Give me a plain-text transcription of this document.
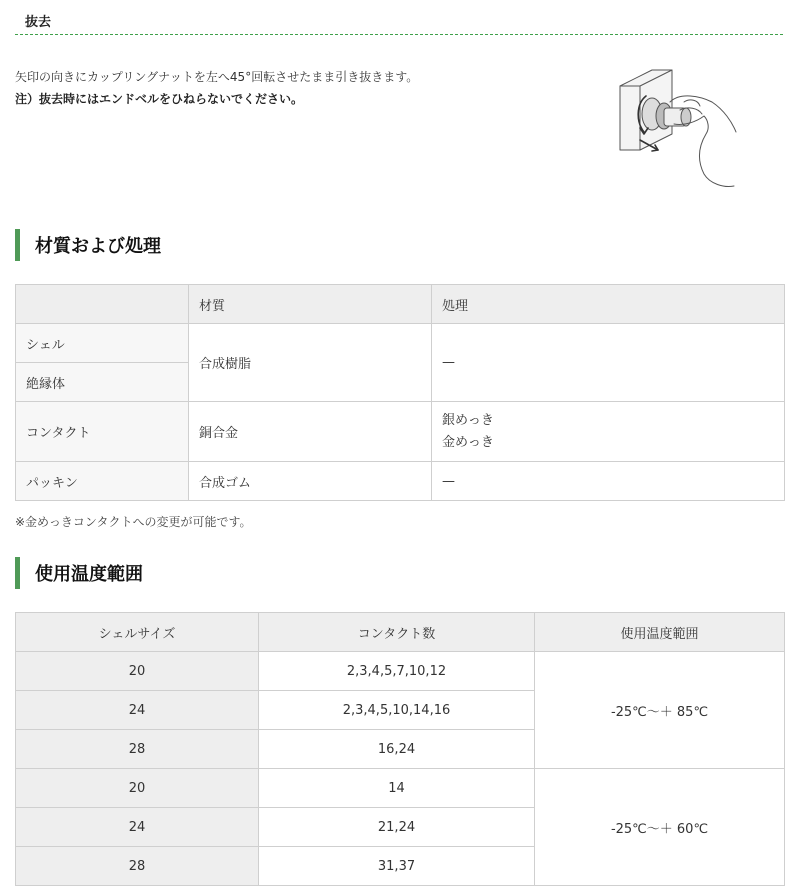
抜去
矢印の向きにカップリングナットを左へ45°回転させたまま引き抜きます。
注）抜去時にはエンドベルをひねらないでください。
材質および処理
	材質	処理
シェル	合成樹脂	—
絶縁体		
コンタクト	銅合金	銀めっき
金めっき

パッキン	合成ゴム	—
※金めっきコンタクトへの変更が可能です。
使用温度範囲
シェルサイズ	コンタクト数	使用温度範囲
20	2,3,4,5,7,10,12	-25℃～＋ 85℃
24	2,3,4,5,10,14,16	
28	16,24	
20	14	-25℃～＋ 60℃
24	21,24	
28	31,37	
